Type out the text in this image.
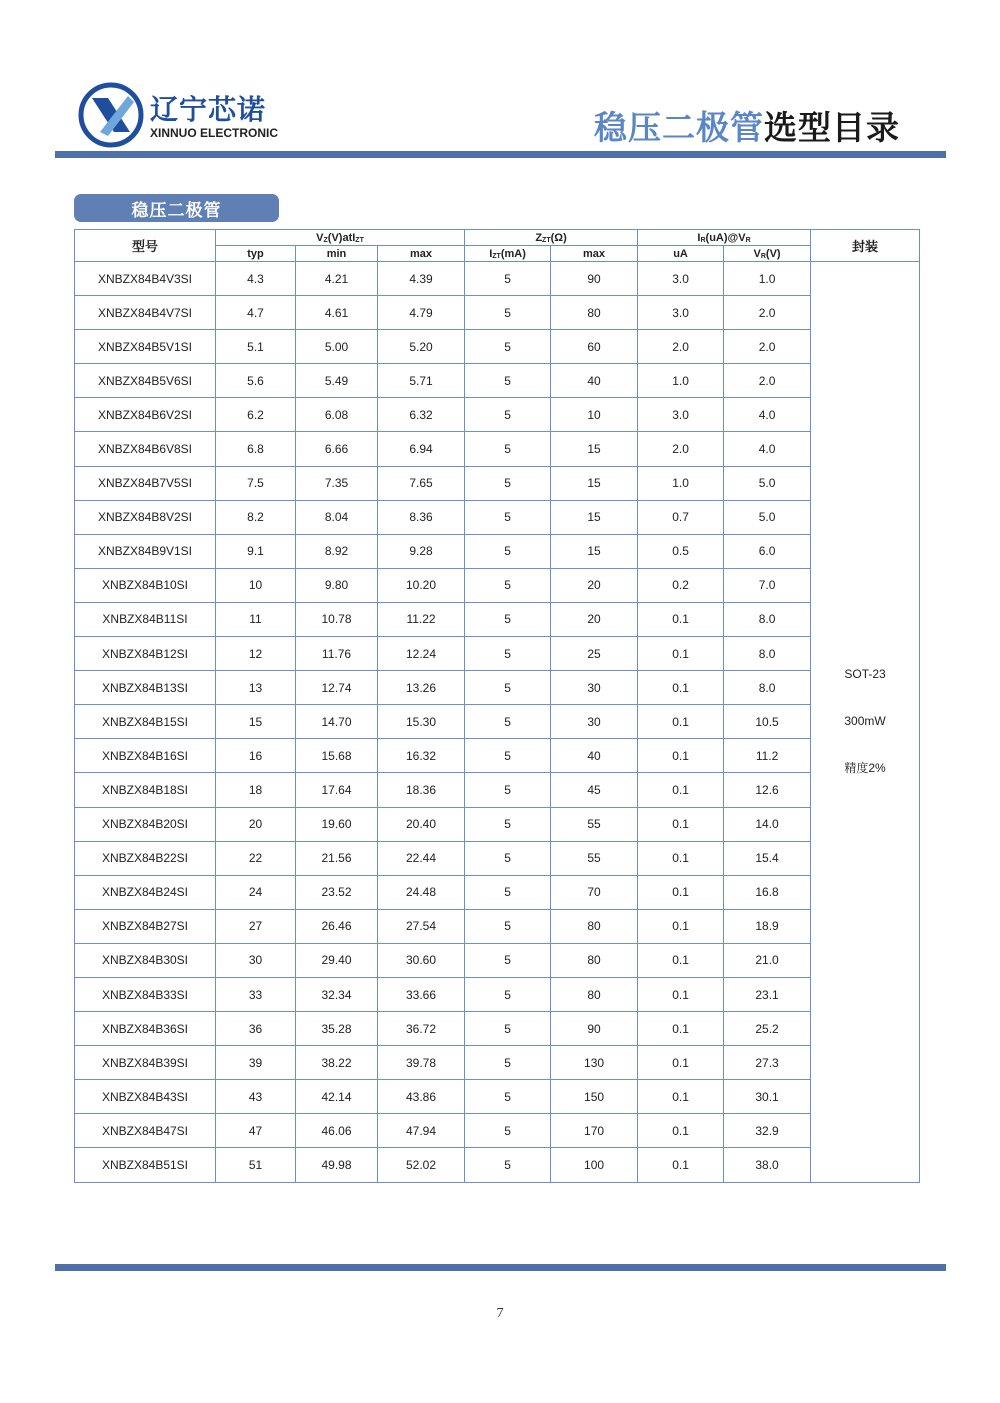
辽宁芯诺
XINNUO ELECTRONIC	稳压二极管选型目录
稳压二极管
型号	$V_Z(V)atI_{ZT}$			$Z_{ZT}(\Omega)$		$I_R(uA)@V_R$		封装
	typ	min	max	$I_{ZT}(mA)$	max	uA	$V_R(V)$	
XNBZX84B4V3SI	4.3	4.21	4.39	5	90	3.0	1.0	SOT-23
300mW
精度2%

XNBZX84B4V7SI	4.7	4.61	4.79	5	80	3.0	2.0	
XNBZX84B5V1SI	5.1	5.00	5.20	5	60	2.0	2.0	
XNBZX84B5V6SI	5.6	5.49	5.71	5	40	1.0	2.0	
XNBZX84B6V2SI	6.2	6.08	6.32	5	10	3.0	4.0	
XNBZX84B6V8SI	6.8	6.66	6.94	5	15	2.0	4.0	
XNBZX84B7V5SI	7.5	7.35	7.65	5	15	1.0	5.0	
XNBZX84B8V2SI	8.2	8.04	8.36	5	15	0.7	5.0	
XNBZX84B9V1SI	9.1	8.92	9.28	5	15	0.5	6.0	
XNBZX84B10SI	10	9.80	10.20	5	20	0.2	7.0	
XNBZX84B11SI	11	10.78	11.22	5	20	0.1	8.0	
XNBZX84B12SI	12	11.76	12.24	5	25	0.1	8.0	
XNBZX84B13SI	13	12.74	13.26	5	30	0.1	8.0	
XNBZX84B15SI	15	14.70	15.30	5	30	0.1	10.5	
XNBZX84B16SI	16	15.68	16.32	5	40	0.1	11.2	
XNBZX84B18SI	18	17.64	18.36	5	45	0.1	12.6	
XNBZX84B20SI	20	19.60	20.40	5	55	0.1	14.0	
XNBZX84B22SI	22	21.56	22.44	5	55	0.1	15.4	
XNBZX84B24SI	24	23.52	24.48	5	70	0.1	16.8	
XNBZX84B27SI	27	26.46	27.54	5	80	0.1	18.9	
XNBZX84B30SI	30	29.40	30.60	5	80	0.1	21.0	
XNBZX84B33SI	33	32.34	33.66	5	80	0.1	23.1	
XNBZX84B36SI	36	35.28	36.72	5	90	0.1	25.2	
XNBZX84B39SI	39	38.22	39.78	5	130	0.1	27.3	
XNBZX84B43SI	43	42.14	43.86	5	150	0.1	30.1	
XNBZX84B47SI	47	46.06	47.94	5	170	0.1	32.9	
XNBZX84B51SI	51	49.98	52.02	5	100	0.1	38.0	
7
